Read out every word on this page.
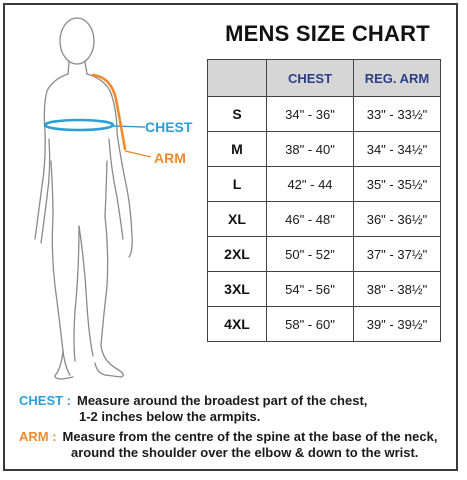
CHEST
ARM
MENS SIZE CHART
	CHEST	REG. ARM
S	34" - 36"	33" - 33½"
M	38" - 40"	34" - 34½"
L	42" - 44	35" - 35½"
XL	46" - 48"	36" - 36½"
2XL	50" - 52"	37" - 37½"
3XL	54" - 56"	38" - 38½"
4XL	58" - 60"	39" - 39½"
CHEST : Measure around the broadest part of the chest,
1-2 inches below the armpits.
ARM : Measure from the centre of the spine at the base of the neck,
around the shoulder over the elbow & down to the wrist.
